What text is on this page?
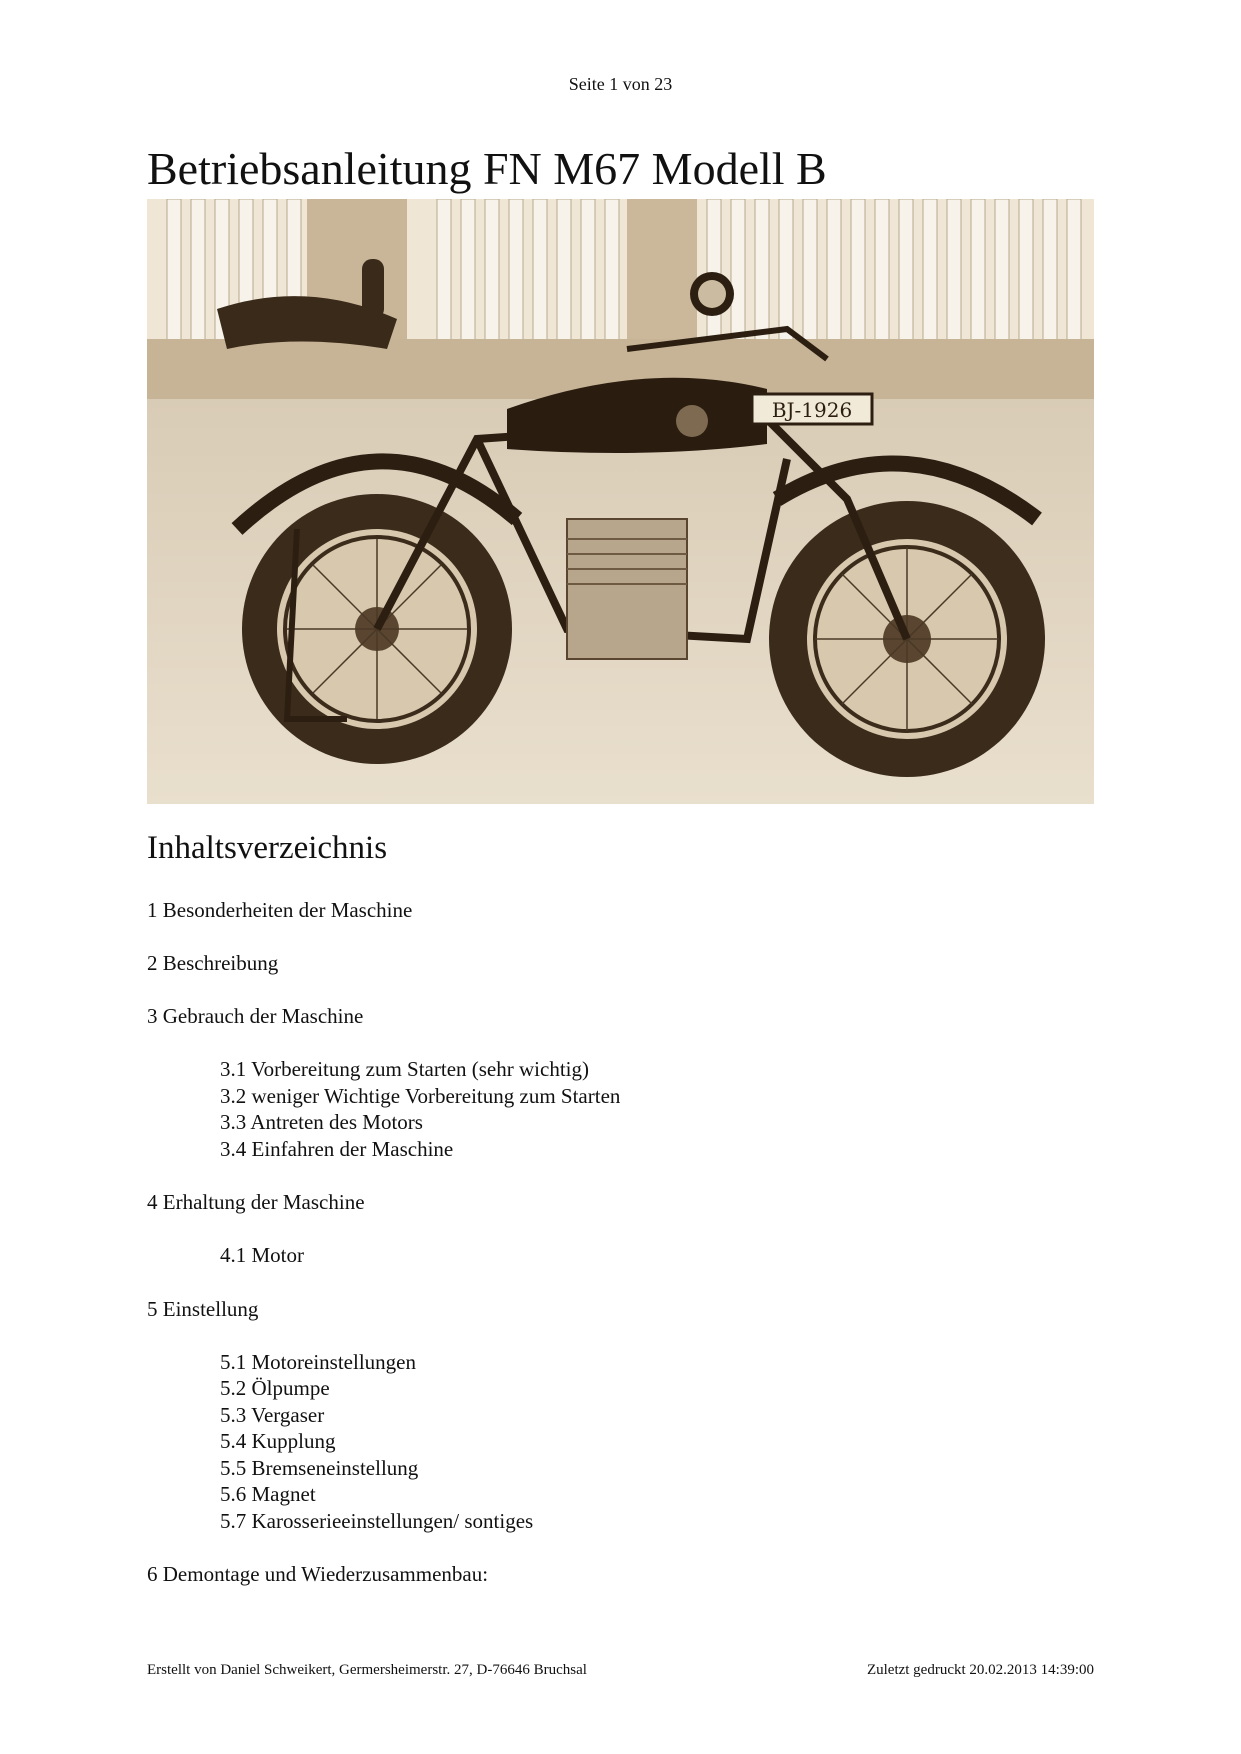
Seite 1 von 23
Betriebsanleitung FN M67 Modell B
BJ-1926
Inhaltsverzeichnis
1 Besonderheiten der Maschine
2 Beschreibung
3 Gebrauch der Maschine
3.1 Vorbereitung zum Starten (sehr wichtig)
3.2 weniger Wichtige Vorbereitung zum Starten
3.3 Antreten des Motors
3.4 Einfahren der Maschine
4 Erhaltung der Maschine
4.1 Motor
5 Einstellung
5.1 Motoreinstellungen
5.2 Ölpumpe
5.3 Vergaser
5.4 Kupplung
5.5 Bremseneinstellung
5.6 Magnet
5.7 Karosserieeinstellungen/ sontiges
6 Demontage und Wiederzusammenbau:
Erstellt von Daniel Schweikert, Germersheimerstr. 27, D-76646 Bruchsal	Zuletzt gedruckt 20.02.2013 14:39:00
